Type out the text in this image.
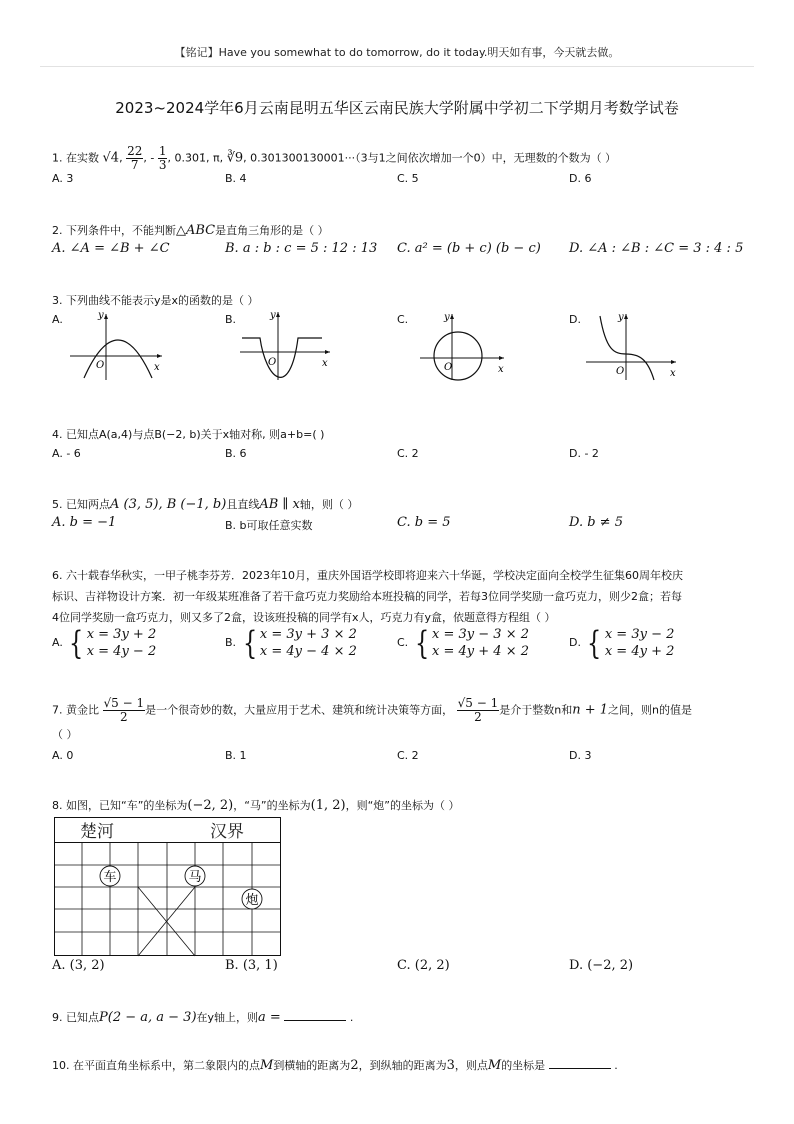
【铭记】Have you somewhat to do tomorrow, do it today.明天如有事，今天就去做。
2023~2024学年6月云南昆明五华区云南民族大学附属中学初二下学期月考数学试卷
1. 在实数 √4, $\frac{22}{7}$ , - $\frac{1}{3}$ , 0.3̇01̇, π, ∛9, 0.301300130001···（3与1之间依次增加一个0）中，无理数的个数为（ ）
A. 3	B. 4	C. 5	D. 6
2. 下列条件中，不能判断△ABC是直角三角形的是（ ）
A. ∠A = ∠B + ∠C	B. a : b : c = 5 : 12 : 13 C. a² = (b + c) (b − c) D. ∠A : ∠B : ∠C = 3 : 4 : 5
3. 下列曲线不能表示y是x的函数的是（ ）
A.	B.	C.	D.
y
x
O
y
x
O
y
x
O
y
x
O
4. 已知点A(a,4)与点B(−2, b)关于x轴对称, 则a+b=( )
A. - 6	B. 6	C. 2	D. - 2
5. 已知两点A (3, 5), B (−1, b)且直线AB ∥ x轴，则（ ）
A. b = −1	B. b可取任意实数	C. b = 5	D. b ≠ 5
6. 六十载春华秋实，一甲子桃李芬芳．2023年10月，重庆外国语学校即将迎来六十华诞，学校决定面向全校学生征集60周年校庆
标识、吉祥物设计方案．初一年级某班准备了若干盒巧克力奖励给本班投稿的同学，若每3位同学奖励一盒巧克力，则少2盒；若每
4位同学奖励一盒巧克力，则又多了2盒，设该班投稿的同学有x人，巧克力有y盒，依题意得方程组（ ）
A. { x = 3y + 2
x = 4y − 2
B. { x = 3y + 3 × 2
x = 4y − 4 × 2
C. { x = 3y − 3 × 2
x = 4y + 4 × 2
D. { x = 3y − 2
x = 4y + 2
7. 黄金比 $\frac{√5 - 1}{2}$ 是一个很奇妙的数，大量应用于艺术、建筑和统计决策等方面， $\frac{√5 - 1}{2}$ 是介于整数n和n + 1之间，则n的值是
（ ）
A. 0	B. 1	C. 2	D. 3
8. 如图，已知“车”的坐标为(−2, 2)，“马”的坐标为(1, 2)，则“炮”的坐标为（ ）
楚河	汉界
车	马
炮
A. (3, 2)	B. (3, 1)	C. (2, 2)	D. (−2, 2)
9. 已知点P(2 − a, a − 3)在y轴上，则a =	.
10. 在平面直角坐标系中，第二象限内的点M到横轴的距离为2，到纵轴的距离为3，则点M的坐标是	.
